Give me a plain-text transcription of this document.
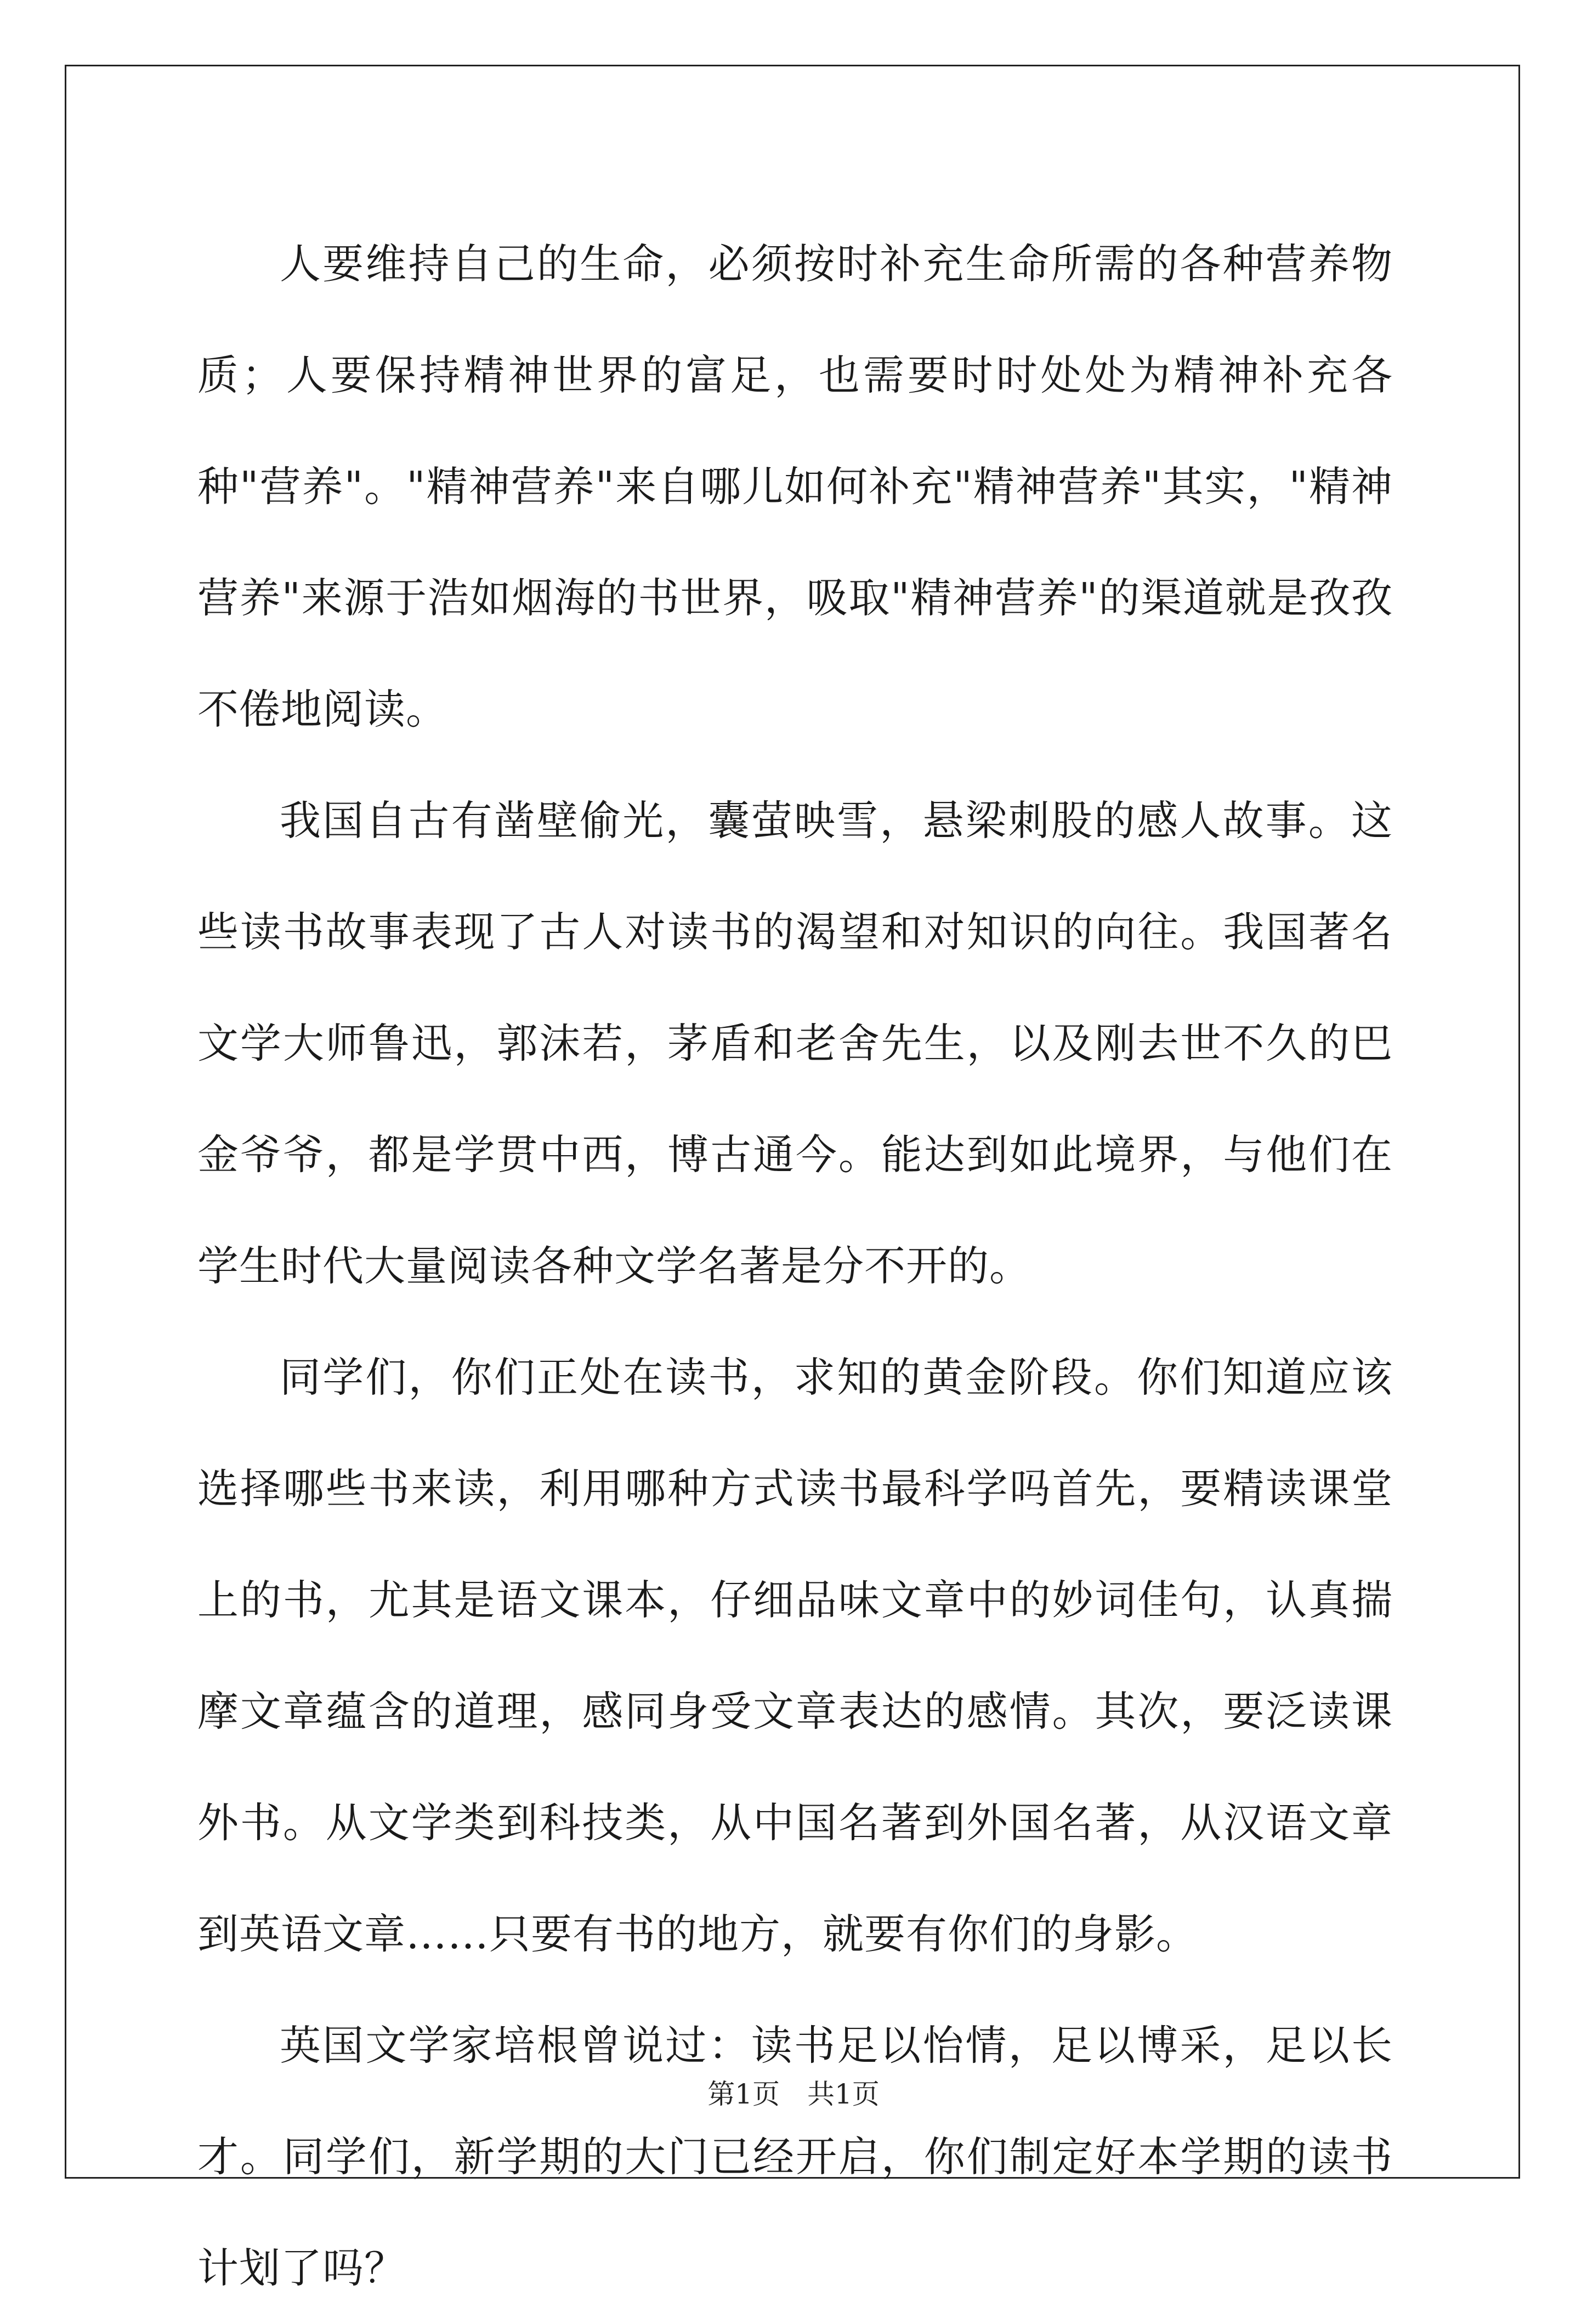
人要维持自己的生命，必须按时补充生命所需的各种营养物质；人要保持精神世界的富足，也需要时时处处为精神补充各种"营养"。"精神营养"来自哪儿如何补充"精神营养"其实，"精神营养"来源于浩如烟海的书世界，吸取"精神营养"的渠道就是孜孜不倦地阅读。

我国自古有凿壁偷光，囊萤映雪，悬梁刺股的感人故事。这些读书故事表现了古人对读书的渴望和对知识的向往。我国著名文学大师鲁迅，郭沫若，茅盾和老舍先生，以及刚去世不久的巴金爷爷，都是学贯中西，博古通今。能达到如此境界，与他们在学生时代大量阅读各种文学名著是分不开的。

同学们，你们正处在读书，求知的黄金阶段。你们知道应该选择哪些书来读，利用哪种方式读书最科学吗首先，要精读课堂上的书，尤其是语文课本，仔细品味文章中的妙词佳句，认真揣摩文章蕴含的道理，感同身受文章表达的感情。其次，要泛读课外书。从文学类到科技类，从中国名著到外国名著，从汉语文章到英语文章……只要有书的地方，就要有你们的身影。

英国文学家培根曾说过：读书足以怡情，足以博采，足以长才。同学们，新学期的大门已经开启，你们制定好本学期的读书计划了吗？

第1页　共1页
